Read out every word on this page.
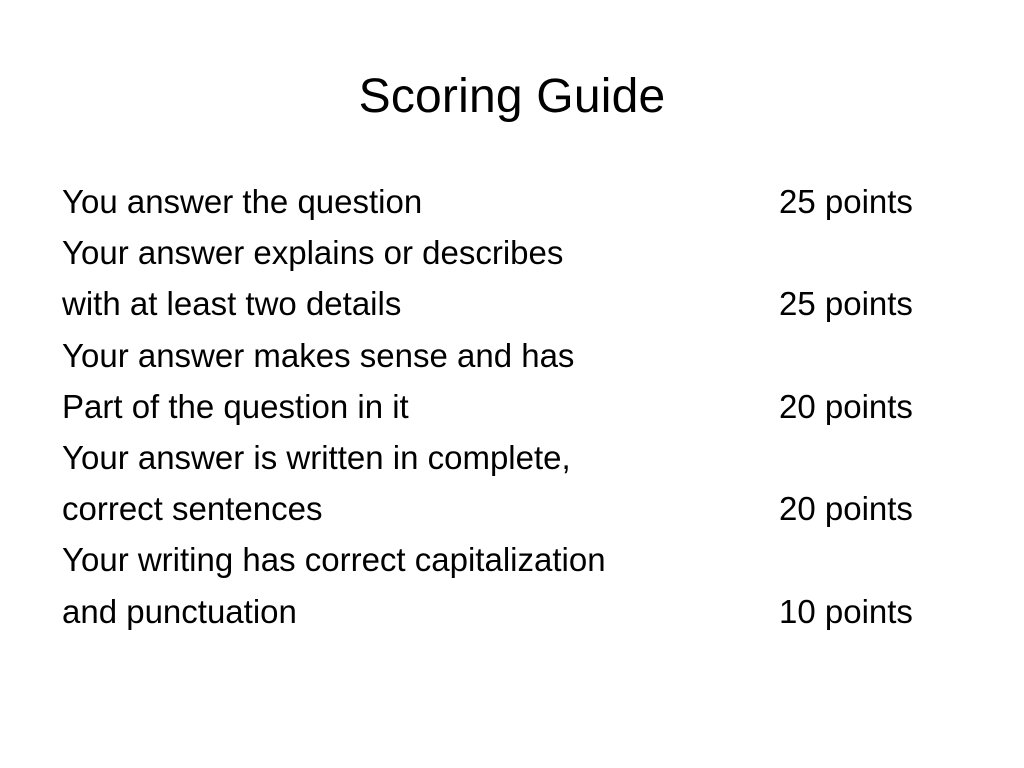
Scoring Guide
You answer the question	25 points
Your answer explains or describes
with at least two details	25 points
Your answer makes sense and has
Part of the question in it	20 points
Your answer is written in complete,
correct sentences	20 points
Your writing has correct capitalization
and punctuation	10 points
